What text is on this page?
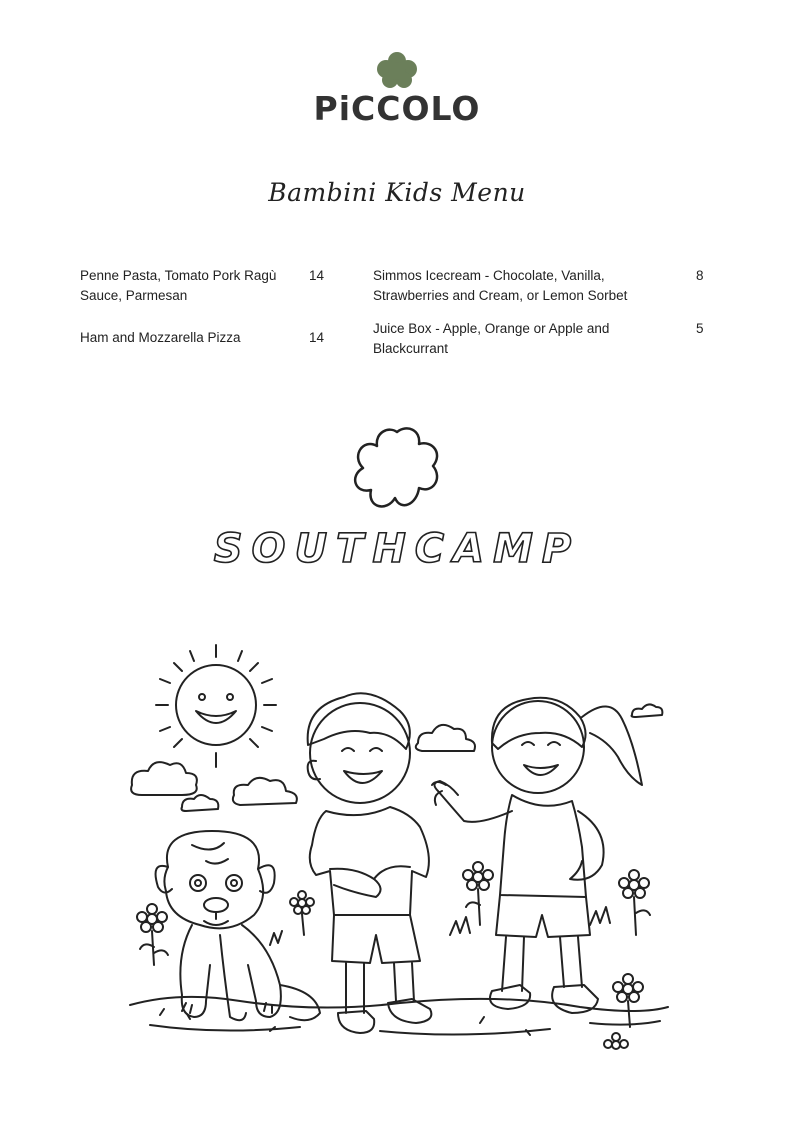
PiCCOLO
Bambini Kids Menu
Penne Pasta, Tomato Pork Ragù
Sauce, Parmesan
14
Ham and Mozzarella Pizza	14
Simmos Icecream - Chocolate, Vanilla,
Strawberries and Cream, or Lemon Sorbet
8
Juice Box - Apple, Orange or Apple and
Blackcurrant
5
SOUTHCAMP
